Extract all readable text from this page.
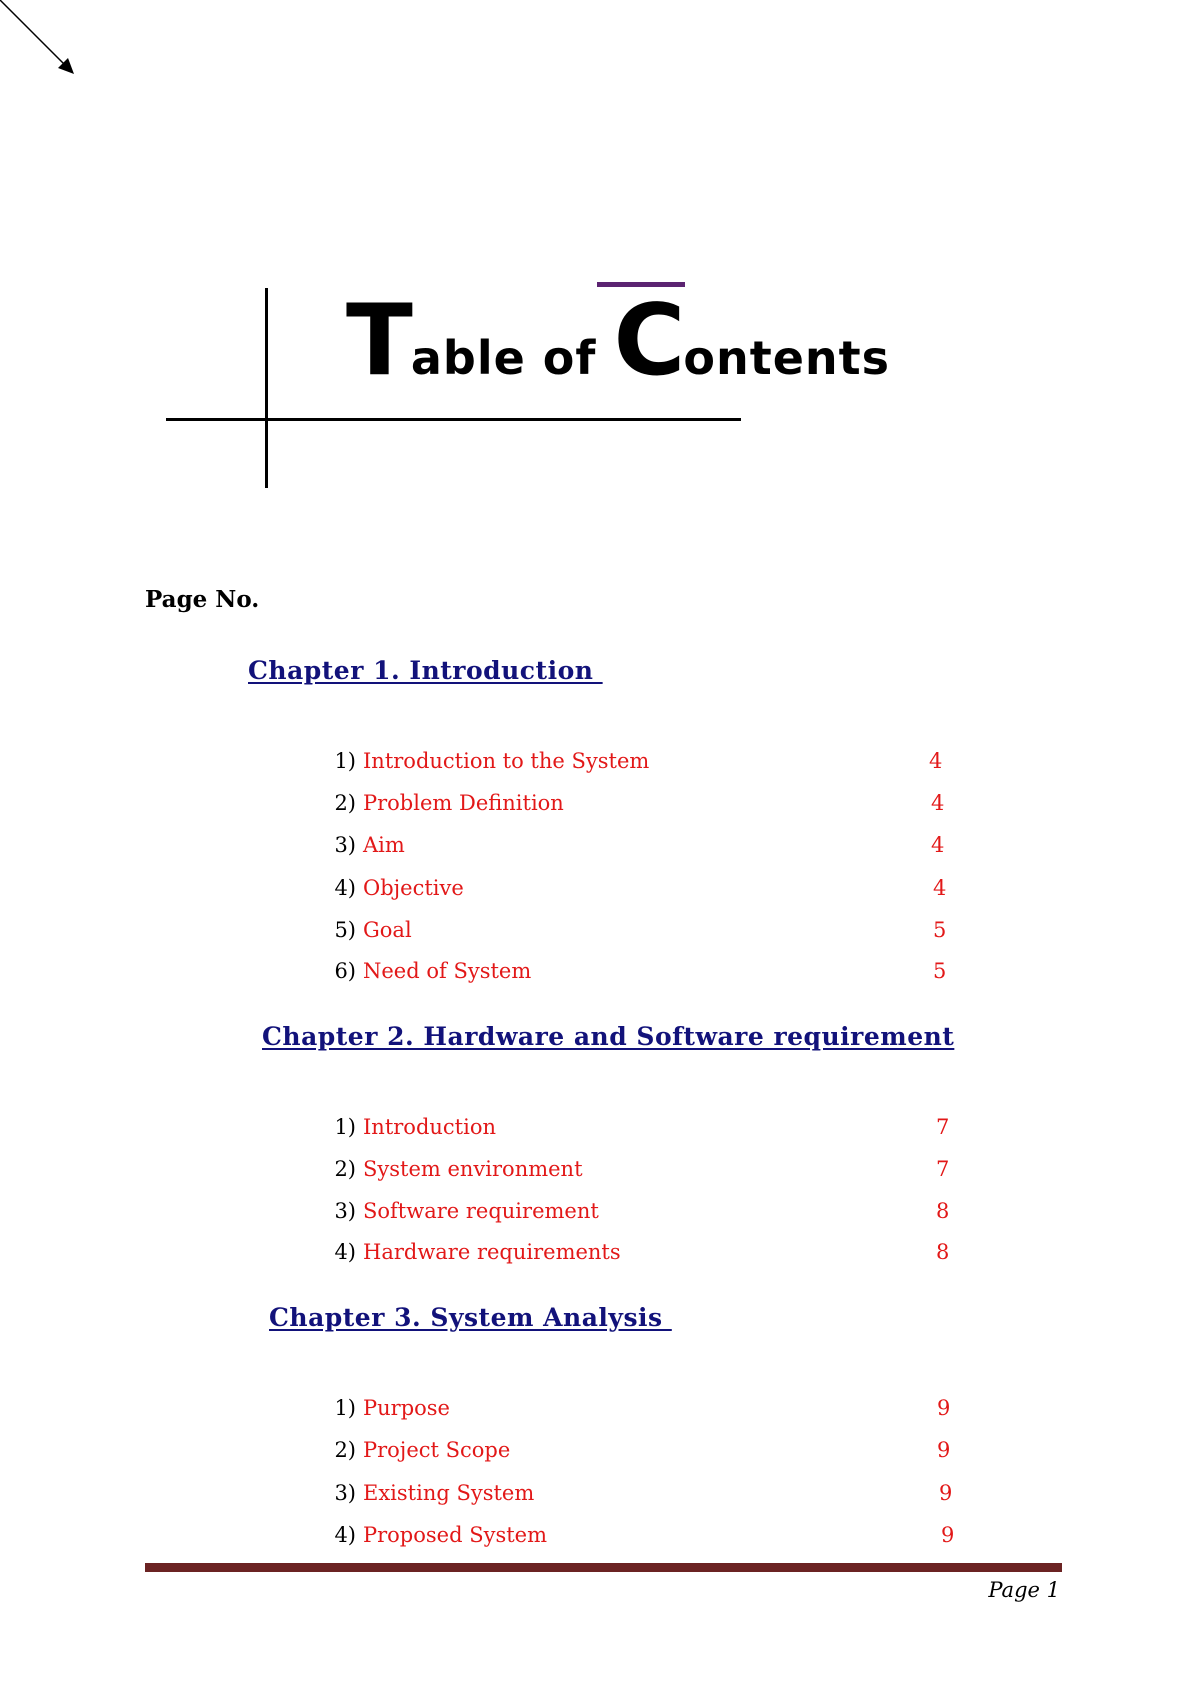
Table of Contents
Page No.
Chapter 1. Introduction
1) Introduction to the System	4
2) Problem Definition	4
3) Aim	4
4) Objective	4
5) Goal	5
6) Need of System	5
Chapter 2. Hardware and Software requirement
1) Introduction	7
2) System environment	7
3) Software requirement	8
4) Hardware requirements	8
Chapter 3. System Analysis
1) Purpose	9
2) Project Scope	9
3) Existing System	9
4) Proposed System	9
Page 1
